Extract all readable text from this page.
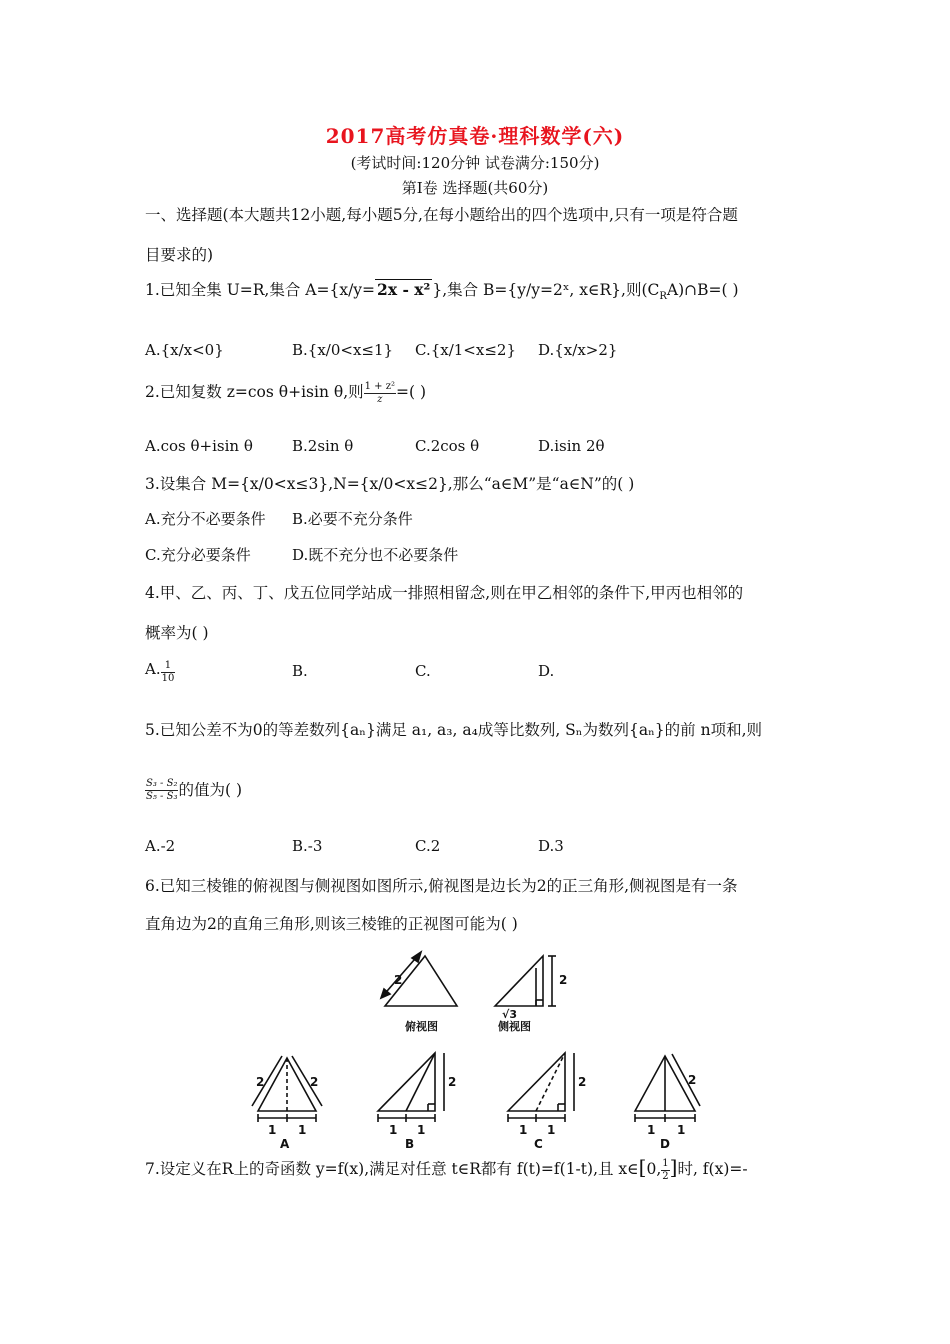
2017高考仿真卷·理科数学(六)
(考试时间:120分钟 试卷满分:150分)
第Ⅰ卷 选择题(共60分)
一、选择题(本大题共12小题,每小题5分,在每小题给出的四个选项中,只有一项是符合题
目要求的)
1.已知全集 U=R,集合 A={x/y= 2x - x² },集合 B={y/y=2ˣ, x∈R},则$(C_RA)\cap B=$( )
A.{x/x<0}	B.{x/0<x≤1} C.{x/1<x≤2} D.{x/x>2}
2.已知复数 z=cos θ+isin θ,则 $\frac{\text{1 + z²}}{z}$ =( )
A.cos θ+isin θ	B.2sin θ	C.2cos θ	D.isin 2θ
3.设集合 M={x/0<x≤3},N={x/0<x≤2},那么“a∈M”是“a∈N”的( )
A.充分不必要条件 B.必要不充分条件
C.充分必要条件	D.既不充分也不必要条件
4.甲、乙、丙、丁、戊五位同学站成一排照相留念,则在甲乙相邻的条件下,甲丙也相邻的
概率为( )
A. $\frac{1}{10}$	B.	C.	D.
5.已知公差不为0的等差数列{aₙ}满足 a₁, a₃, a₄成等比数列, Sₙ为数列{aₙ}的前 n项和,则
$\frac{\text{S₃ - S₂}}{\text{S₅ - S₃}}$ 的值为( )
A.-2	B.-3	C.2	D.3
6.已知三棱锥的俯视图与侧视图如图所示,俯视图是边长为2的正三角形,侧视图是有一条
直角边为2的直角三角形,则该三棱锥的正视图可能为( )
2	2
√3
俯视图	侧视图
2	2
1 1
A
2
1 1
B
2
1 1
C
2
1 1
D
7.设定义在R上的奇函数 y=f(x),满足对任意 t∈R都有 f(t)=f(1-t),且 x∈[0, $\frac{1}{2}$ ]时, f(x)=-
